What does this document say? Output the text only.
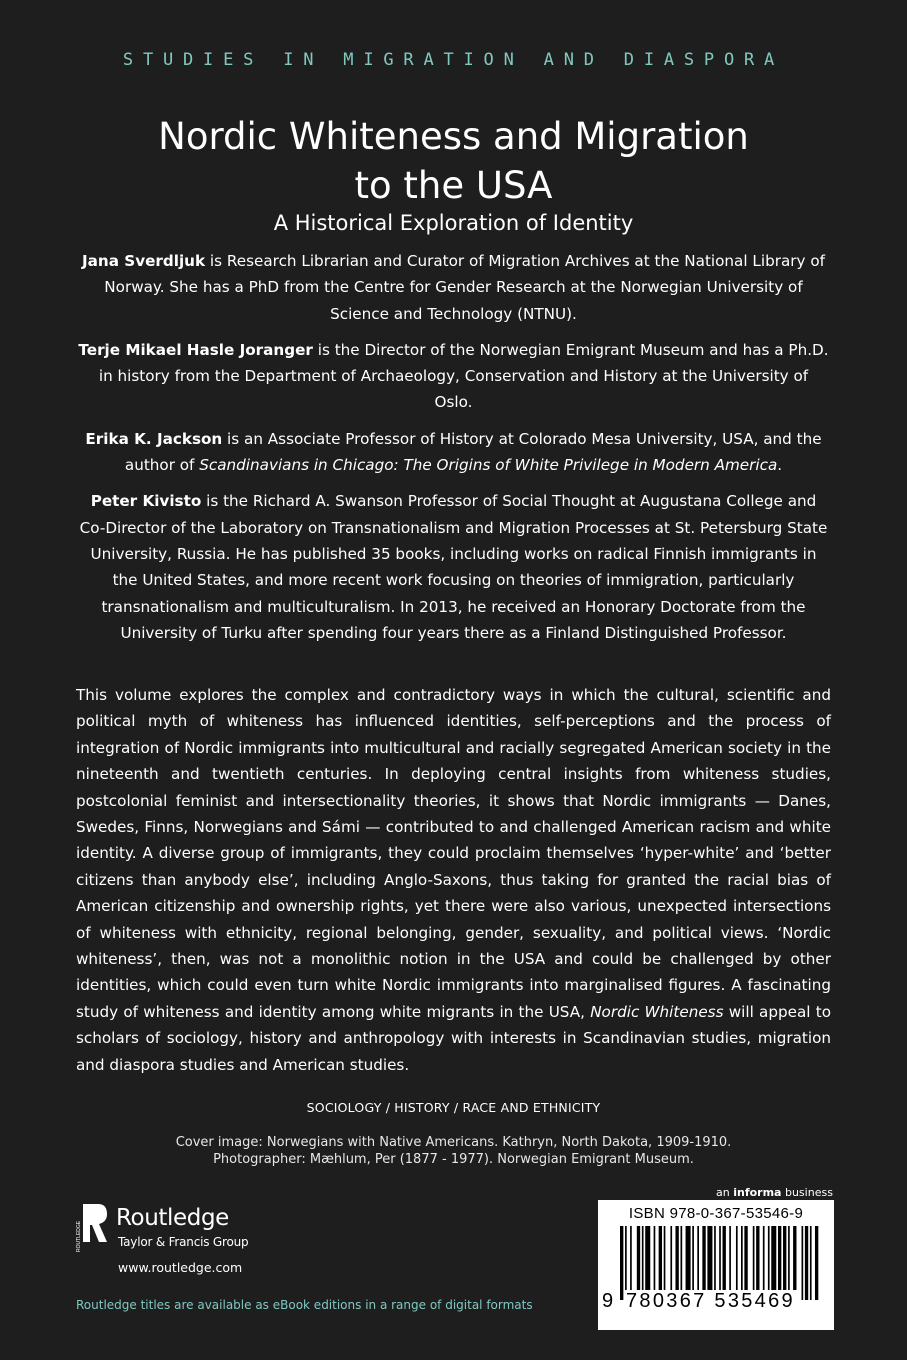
STUDIES IN MIGRATION AND DIASPORA
Nordic Whiteness and Migration
to the USA
A Historical Exploration of Identity

Jana Sverdljuk is Research Librarian and Curator of Migration Archives at the National Library of Norway. She has a PhD from the Centre for Gender Research at the Norwegian University of Science and Technology (NTNU).

Terje Mikael Hasle Joranger is the Director of the Norwegian Emigrant Museum and has a Ph.D. in history from the Department of Archaeology, Conservation and History at the University of Oslo.

Erika K. Jackson is an Associate Professor of History at Colorado Mesa University, USA, and the author of Scandinavians in Chicago: The Origins of White Privilege in Modern America.

Peter Kivisto is the Richard A. Swanson Professor of Social Thought at Augustana College and Co-Director of the Laboratory on Transnationalism and Migration Processes at St. Petersburg State University, Russia. He has published 35 books, including works on radical Finnish immigrants in the United States, and more recent work focusing on theories of immigration, particularly transnationalism and multiculturalism. In 2013, he received an Honorary Doctorate from the University of Turku after spending four years there as a Finland Distinguished Professor.

This volume explores the complex and contradictory ways in which the cultural, scientific and political myth of whiteness has influenced identities, self-perceptions and the process of integration of Nordic immigrants into multicultural and racially segregated American society in the nineteenth and twentieth centuries. In deploying central insights from whiteness studies, postcolonial feminist and intersectionality theories, it shows that Nordic immigrants — Danes, Swedes, Finns, Norwegians and Sámi — contributed to and challenged American racism and white identity. A diverse group of immigrants, they could proclaim themselves ‘hyper-white’ and ‘better citizens than anybody else’, including Anglo-Saxons, thus taking for granted the racial bias of American citizenship and ownership rights, yet there were also various, unexpected intersections of whiteness with ethnicity, regional belonging, gender, sexuality, and political views. ‘Nordic whiteness’, then, was not a monolithic notion in the USA and could be challenged by other identities, which could even turn white Nordic immigrants into marginalised figures. A fascinating study of whiteness and identity among white migrants in the USA, Nordic Whiteness will appeal to scholars of sociology, history and anthropology with interests in Scandinavian studies, migration and diaspora studies and American studies.

SOCIOLOGY / HISTORY / RACE AND ETHNICITY
Cover image: Norwegians with Native Americans. Kathryn, North Dakota, 1909-1910.
Photographer: Mæhlum, Per (1877 - 1977). Norwegian Emigrant Museum.
ROUTLEDGE
Routledge
Taylor & Francis Group
www.routledge.com
Routledge titles are available as eBook editions in a range of digital formats
an informa business
ISBN 978-0-367-53546-9
9 780367 535469
